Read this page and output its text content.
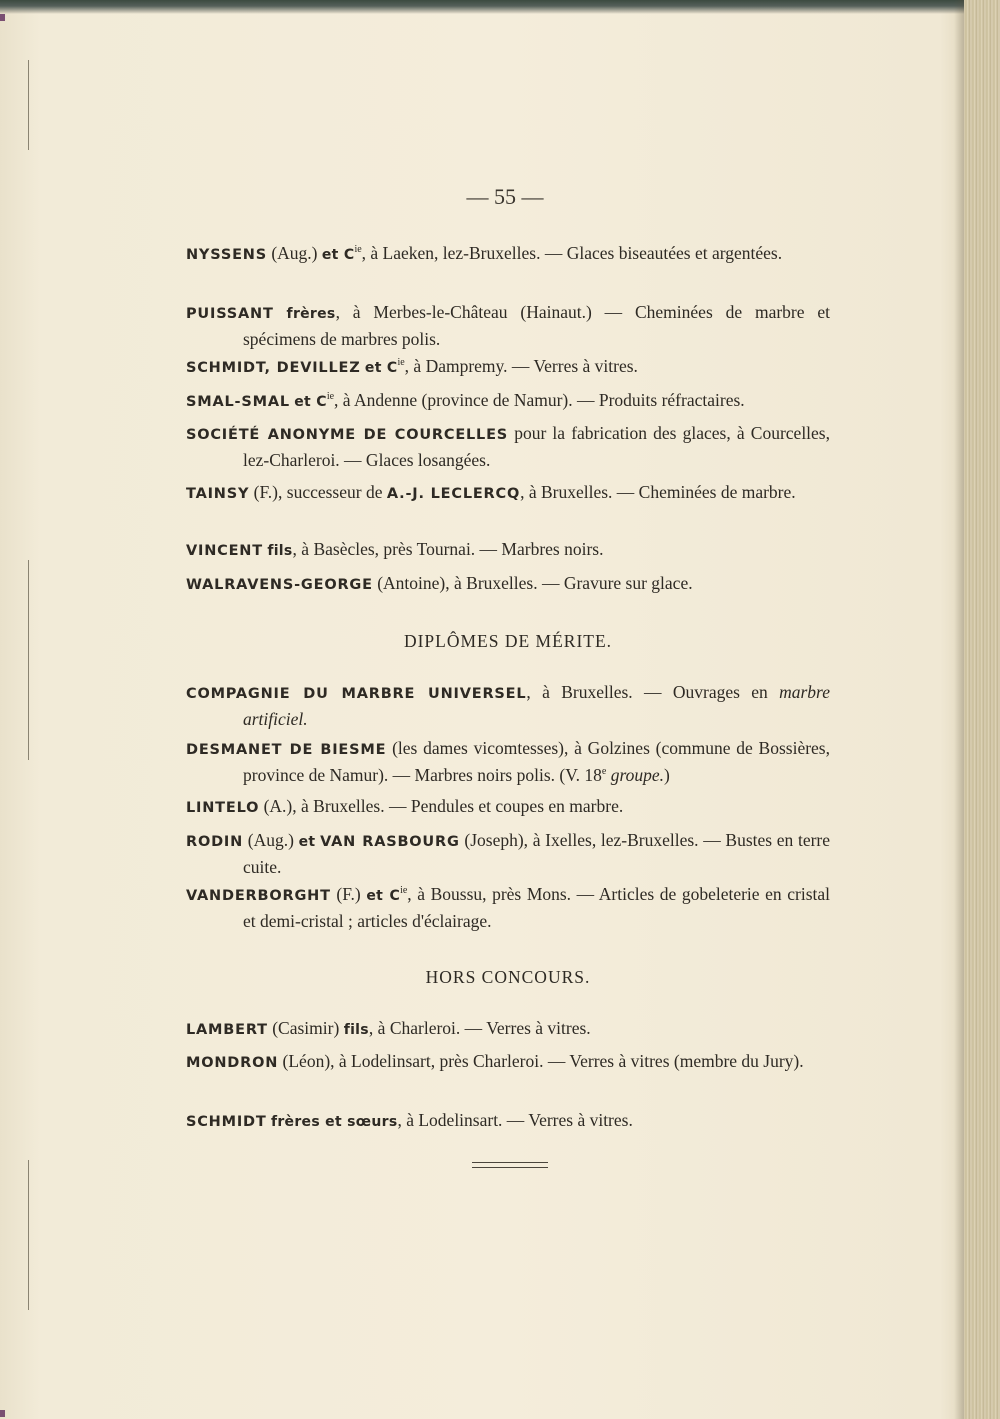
— 55 —
NYSSENS (Aug.) et $C^{ie}$, à Laeken, lez-Bruxelles. — Glaces biseautées et argentées.
PUISSANT frères, à Merbes-le-Château (Hainaut.) — Cheminées de marbre et spécimens de marbres polis.
SCHMIDT, DEVILLEZ et $C^{ie}$, à Dampremy. — Verres à vitres.
SMAL-SMAL et $C^{ie}$, à Andenne (province de Namur). — Produits réfractaires.
SOCIÉTÉ ANONYME DE COURCELLES pour la fabrication des glaces, à Courcelles, lez-Charleroi. — Glaces losangées.
TAINSY (F.), successeur de A.-J. LECLERCQ, à Bruxelles. — Cheminées de marbre.
VINCENT fils, à Basècles, près Tournai. — Marbres noirs.
WALRAVENS-GEORGE (Antoine), à Bruxelles. — Gravure sur glace.
DIPLÔMES DE MÉRITE.
COMPAGNIE DU MARBRE UNIVERSEL, à Bruxelles. — Ouvrages en marbre artificiel.
DESMANET DE BIESME (les dames vicomtesses), à Golzines (commune de Bossières, province de Namur). — Marbres noirs polis. (V. 18e groupe.)
LINTELO (A.), à Bruxelles. — Pendules et coupes en marbre.
RODIN (Aug.) et VAN RASBOURG (Joseph), à Ixelles, lez-Bruxelles. — Bustes en terre cuite.
VANDERBORGHT (F.) et $C^{ie}$, à Boussu, près Mons. — Articles de gobeleterie en cristal et demi-cristal ; articles d'éclairage.
HORS CONCOURS.
LAMBERT (Casimir) fils, à Charleroi. — Verres à vitres.
MONDRON (Léon), à Lodelinsart, près Charleroi. — Verres à vitres (membre du Jury).
SCHMIDT frères et sœurs, à Lodelinsart. — Verres à vitres.
